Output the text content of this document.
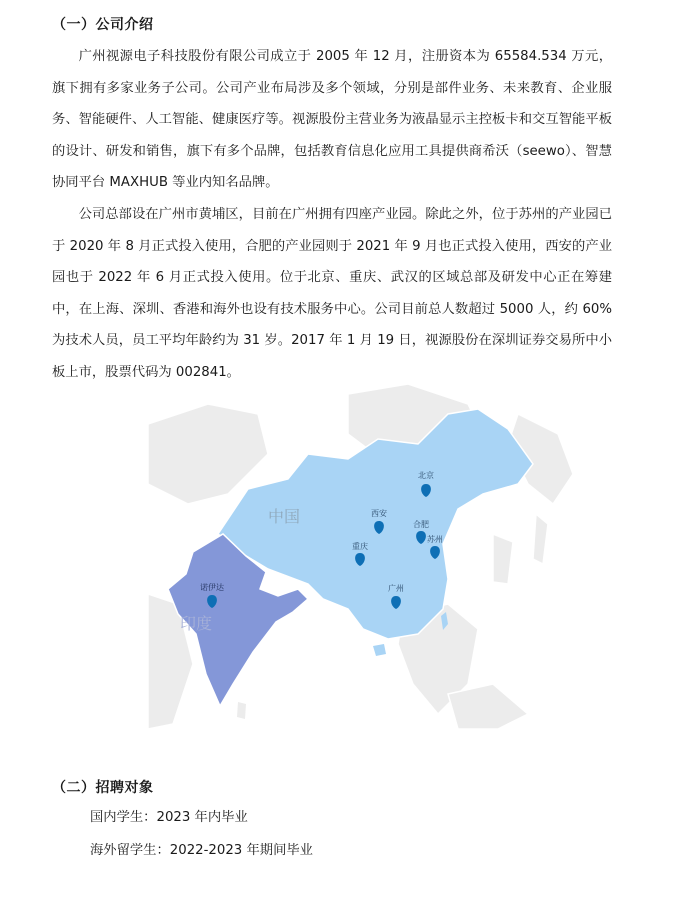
（一）公司介绍

广州视源电子科技股份有限公司成立于 2005 年 12 月，注册资本为 65584.534 万元，旗下拥有多家业务子公司。公司产业布局涉及多个领域，分别是部件业务、未来教育、企业服务、智能硬件、人工智能、健康医疗等。视源股份主营业务为液晶显示主控板卡和交互智能平板的设计、研发和销售，旗下有多个品牌，包括教育信息化应用工具提供商希沃（seewo）、智慧协同平台 MAXHUB 等业内知名品牌。

公司总部设在广州市黄埔区，目前在广州拥有四座产业园。除此之外，位于苏州的产业园已于 2020 年 8 月正式投入使用，合肥的产业园则于 2021 年 9 月也正式投入使用，西安的产业园也于 2022 年 6 月正式投入使用。位于北京、重庆、武汉的区域总部及研发中心正在筹建中，在上海、深圳、香港和海外也设有技术服务中心。公司目前总人数超过 5000 人，约 60%为技术人员，员工平均年龄约为 31 岁。2017 年 1 月 19 日，视源股份在深圳证券交易所中小板上市，股票代码为 002841。

中国
印度
北京
西安
合肥
苏州
重庆
广州
诺伊达
（二）招聘对象
国内学生：2023 年内毕业
海外留学生：2022-2023 年期间毕业
